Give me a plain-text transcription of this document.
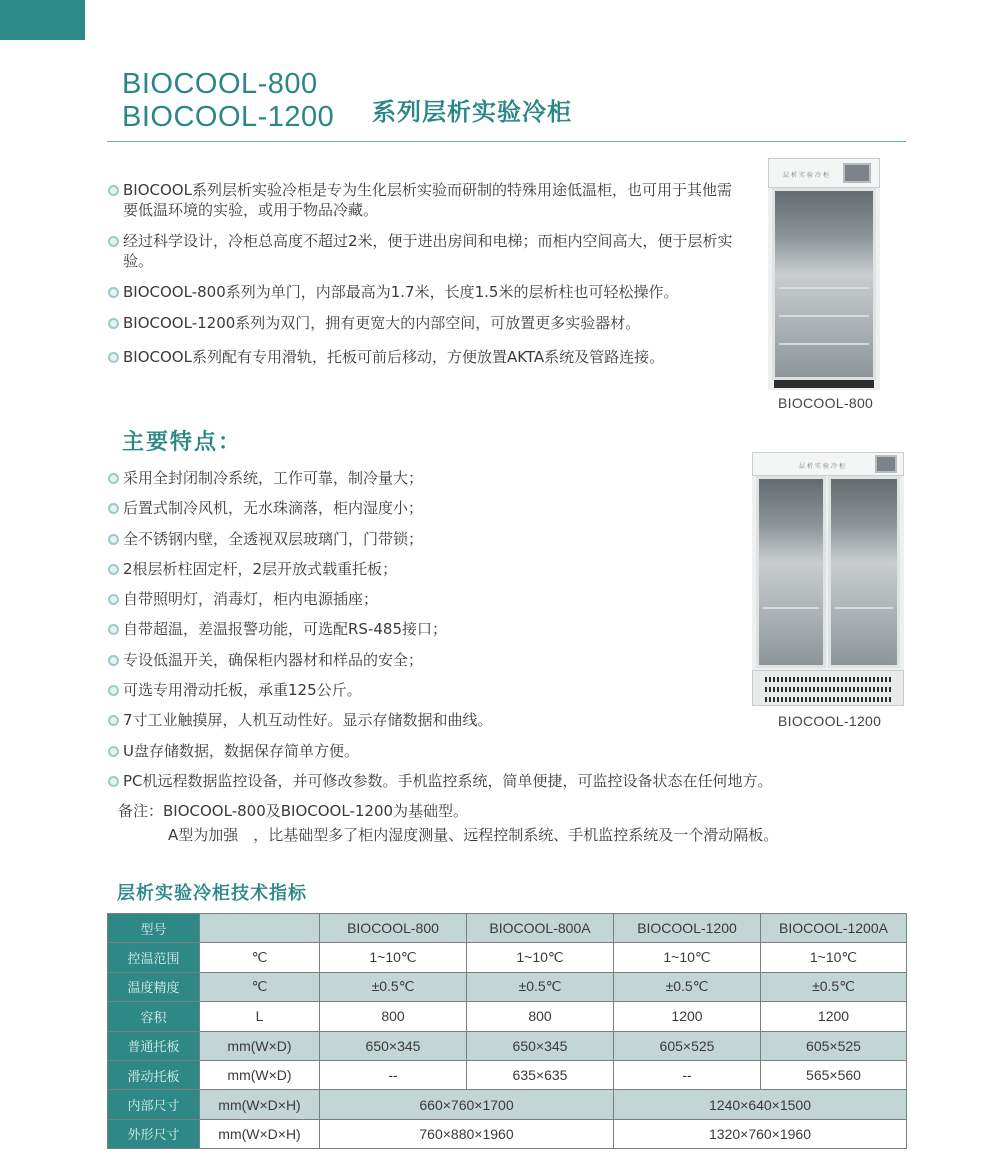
BIOCOOL-800
BIOCOOL-1200 系列层析实验冷柜
BIOCOOL系列层析实验冷柜是专为生化层析实验而研制的特殊用途低温柜，也可用于其他需要低温环境的实验，或用于物品冷藏。
经过科学设计，冷柜总高度不超过2米，便于进出房间和电梯；而柜内空间高大，便于层析实验。
BIOCOOL-800系列为单门，内部最高为1.7米，长度1.5米的层析柱也可轻松操作。
BIOCOOL-1200系列为双门，拥有更宽大的内部空间，可放置更多实验器材。
BIOCOOL系列配有专用滑轨，托板可前后移动，方便放置AKTA系统及管路连接。
层析实验冷柜
BIOCOOL-800
层析实验冷柜
BIOCOOL-1200
主要特点：
采用全封闭制冷系统，工作可靠，制冷量大；
后置式制冷风机，无水珠滴落，柜内湿度小；
全不锈钢内壁，全透视双层玻璃门，门带锁；
2根层析柱固定杆，2层开放式载重托板；
自带照明灯，消毒灯，柜内电源插座；
自带超温，差温报警功能，可选配RS-485接口；
专设低温开关，确保柜内器材和样品的安全；
可选专用滑动托板，承重125公斤。
7寸工业触摸屏，人机互动性好。显示存储数据和曲线。
U盘存储数据，数据保存简单方便。
PC机远程数据监控设备，并可修改参数。手机监控系统，简单便捷，可监控设备状态在任何地方。
备注：BIOCOOL-800及BIOCOOL-1200为基础型。
A型为加强　，比基础型多了柜内湿度测量、远程控制系统、手机监控系统及一个滑动隔板。
层析实验冷柜技术指标
型号		BIOCOOL-800	BIOCOOL-800A	BIOCOOL-1200	BIOCOOL-1200A
控温范围	℃	1~10℃	1~10℃	1~10℃	1~10℃
温度精度	℃	±0.5℃	±0.5℃	±0.5℃	±0.5℃
容积	L	800	800	1200	1200
普通托板	mm(W×D)	650×345	650×345	605×525	605×525
滑动托板	mm(W×D)	--	635×635	--	565×560
内部尺寸	mm(W×D×H)	660×760×1700		1240×640×1500	
外形尺寸	mm(W×D×H)	760×880×1960		1320×760×1960	
